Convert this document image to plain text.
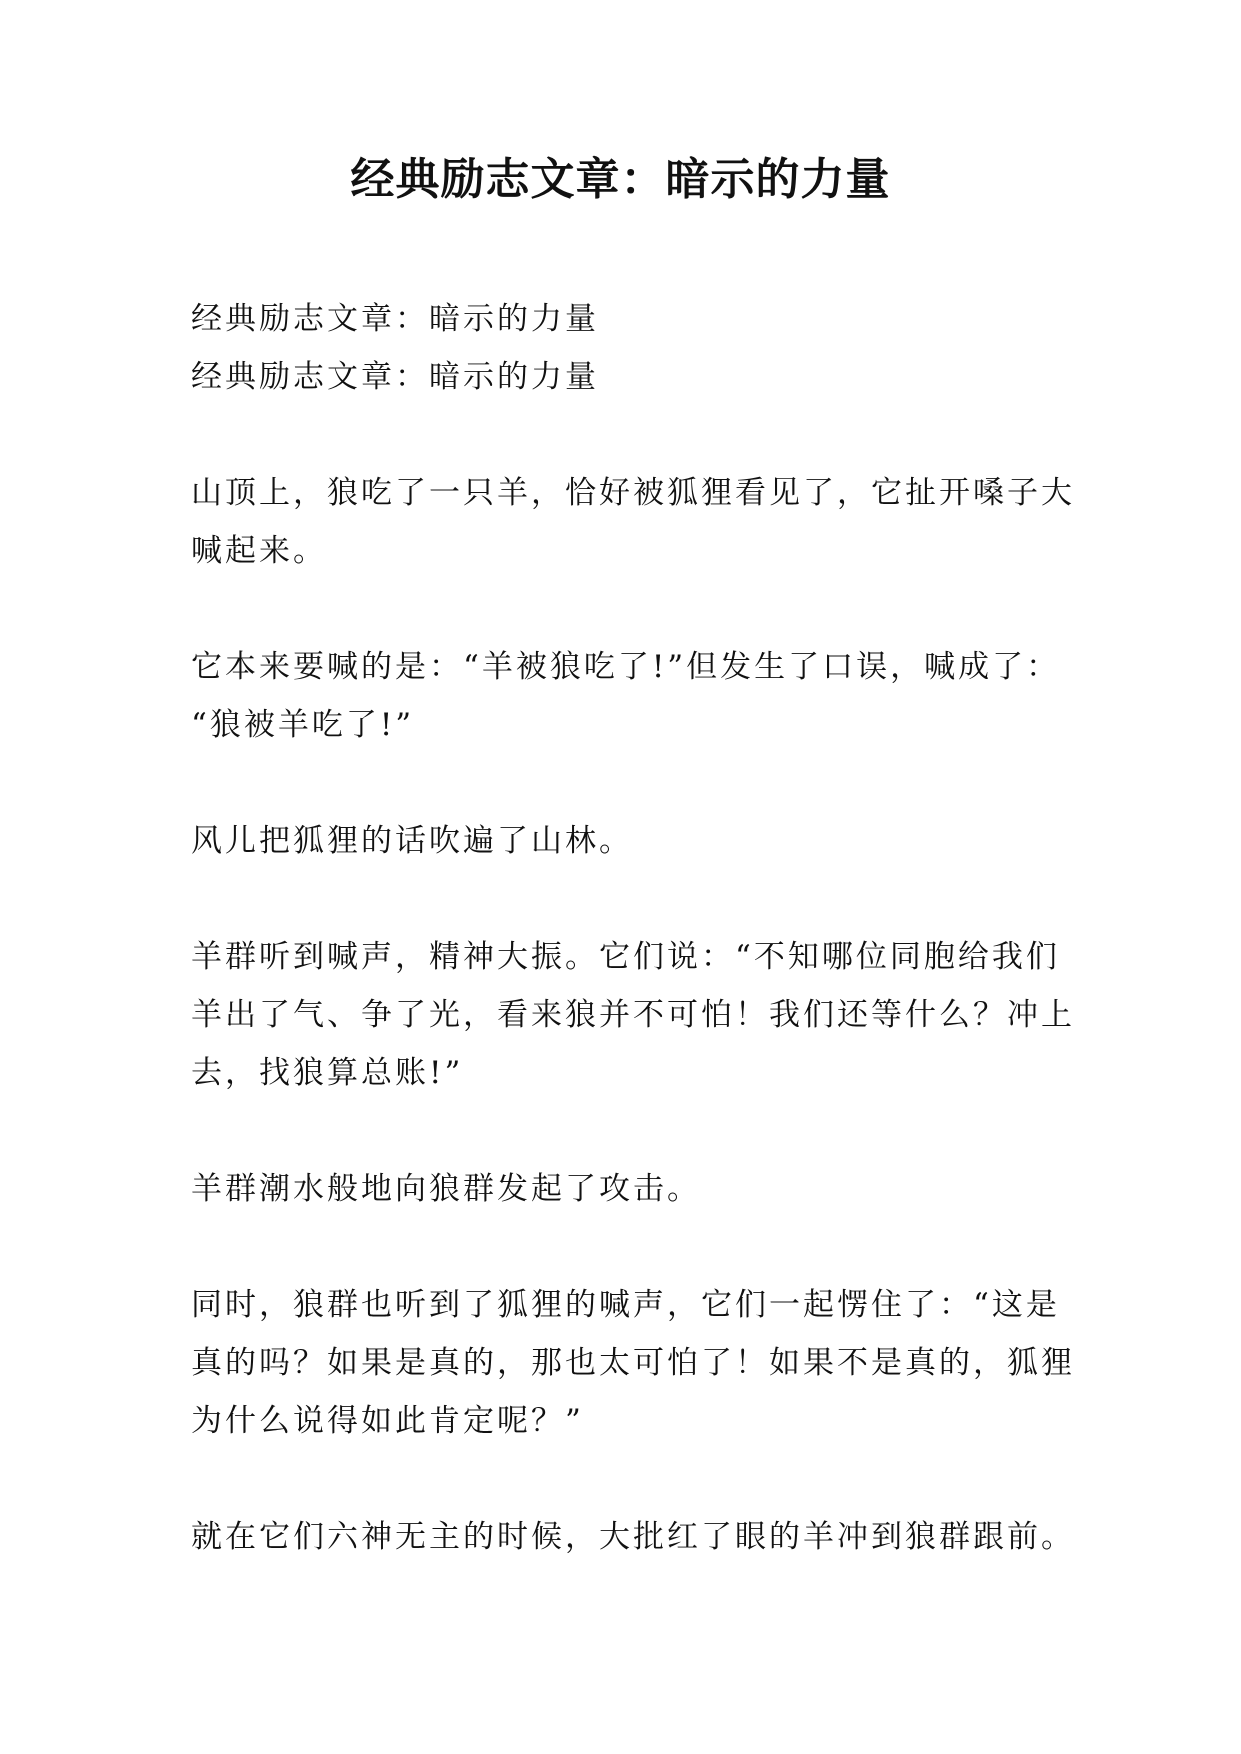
经典励志文章：暗示的力量
经典励志文章：暗示的力量
经典励志文章：暗示的力量
山顶上，狼吃了一只羊，恰好被狐狸看见了，它扯开嗓子大
喊起来。
它本来要喊的是：“羊被狼吃了!”但发生了口误，喊成了：
“狼被羊吃了!”
风儿把狐狸的话吹遍了山林。
羊群听到喊声，精神大振。它们说：“不知哪位同胞给我们
羊出了气、争了光，看来狼并不可怕！我们还等什么？冲上
去，找狼算总账!”
羊群潮水般地向狼群发起了攻击。
同时，狼群也听到了狐狸的喊声，它们一起愣住了：“这是
真的吗？如果是真的，那也太可怕了！如果不是真的，狐狸
为什么说得如此肯定呢？”
就在它们六神无主的时候，大批红了眼的羊冲到狼群跟前。
